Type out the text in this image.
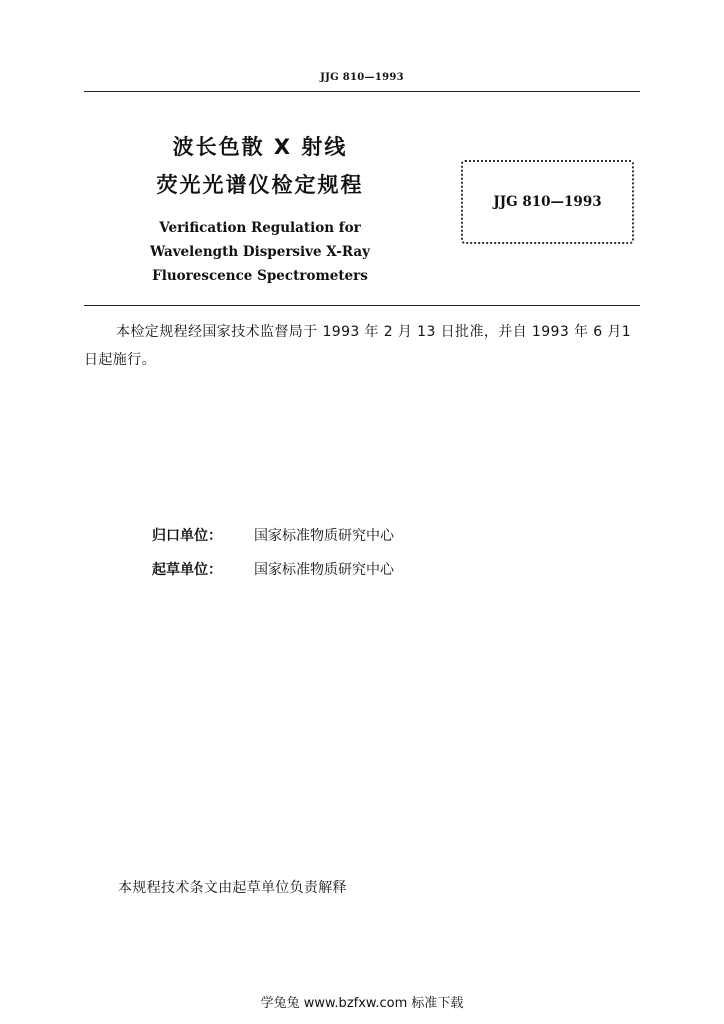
JJG 810—1993
波长色散 X 射线
荧光光谱仪检定规程
Verification Regulation for
Wavelength Dispersive X-Ray
Fluorescence Spectrometers
JJG 810—1993
本检定规程经国家技术监督局于 1993 年 2 月 13 日批准，并自 1993 年 6 月1 日起施行。
归口单位： 国家标准物质研究中心
起草单位： 国家标准物质研究中心
本规程技术条文由起草单位负责解释
学兔兔 www.bzfxw.com 标准下载
